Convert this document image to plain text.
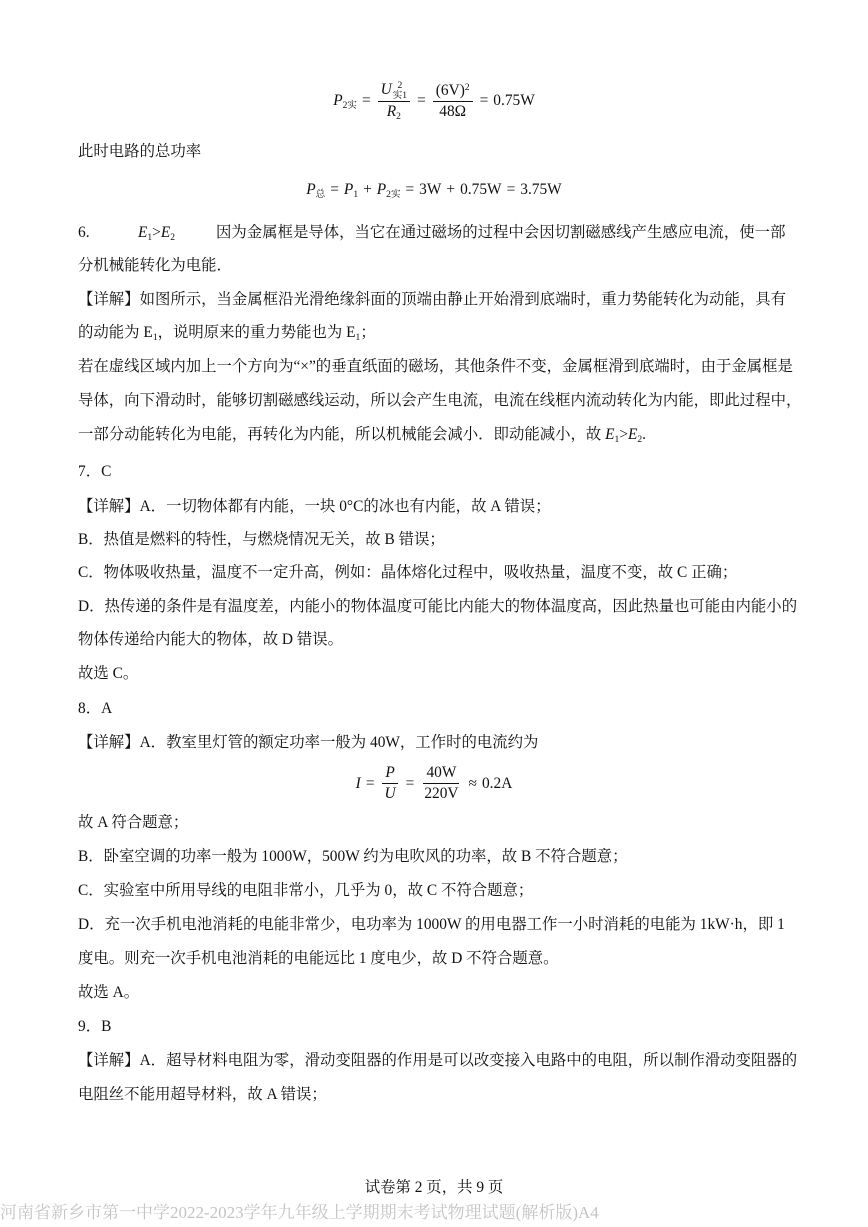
$P_{2实} = U$ 2
实1
$R_2 = \frac{(6V)^2}{48\Omega} = 0.75W$
此时电路的总功率
$P_总 = P_1 + P_{2实} = 3W + 0.75W = 3.75W$
6.	$E_1>E_2$	因为金属框是导体，当它在通过磁场的过程中会因切割磁感线产生感应电流，使一部
分机械能转化为电能．
【详解】如图所示，当金属框沿光滑绝缘斜面的顶端由静止开始滑到底端时，重力势能转化为动能，具有
的动能为 $E_1$，说明原来的重力势能也为 $E_1$；
若在虚线区域内加上一个方向为“×”的垂直纸面的磁场，其他条件不变，金属框滑到底端时，由于金属框是
导体，向下滑动时，能够切割磁感线运动，所以会产生电流，电流在线框内流动转化为内能，即此过程中，
一部分动能转化为电能，再转化为内能，所以机械能会减小．即动能减小，故 $E_1>E_2$.
7．C
【详解】A．一切物体都有内能，一块 0°C的冰也有内能，故 A 错误；
B．热值是燃料的特性，与燃烧情况无关，故 B 错误；
C．物体吸收热量，温度不一定升高，例如：晶体熔化过程中，吸收热量，温度不变，故 C 正确；
D．热传递的条件是有温度差，内能小的物体温度可能比内能大的物体温度高，因此热量也可能由内能小的
物体传递给内能大的物体，故 D 错误。
故选 C。
8．A
【详解】A．教室里灯管的额定功率一般为 40W，工作时的电流约为
$I = \frac{P}{U} = \frac{40W}{220V} \approx 0.2A$
故 A 符合题意；
B．卧室空调的功率一般为 1000W，500W 约为电吹风的功率，故 B 不符合题意；
C．实验室中所用导线的电阻非常小，几乎为 0，故 C 不符合题意；
D．充一次手机电池消耗的电能非常少，电功率为 1000W 的用电器工作一小时消耗的电能为 1kW·h，即 1
度电。则充一次手机电池消耗的电能远比 1 度电少，故 D 不符合题意。
故选 A。
9．B
【详解】A．超导材料电阻为零，滑动变阻器的作用是可以改变接入电路中的电阻，所以制作滑动变阻器的
电阻丝不能用超导材料，故 A 错误；
试卷第 2 页，共 9 页
河南省新乡市第一中学2022-2023学年九年级上学期期末考试物理试题(解析版)A4
